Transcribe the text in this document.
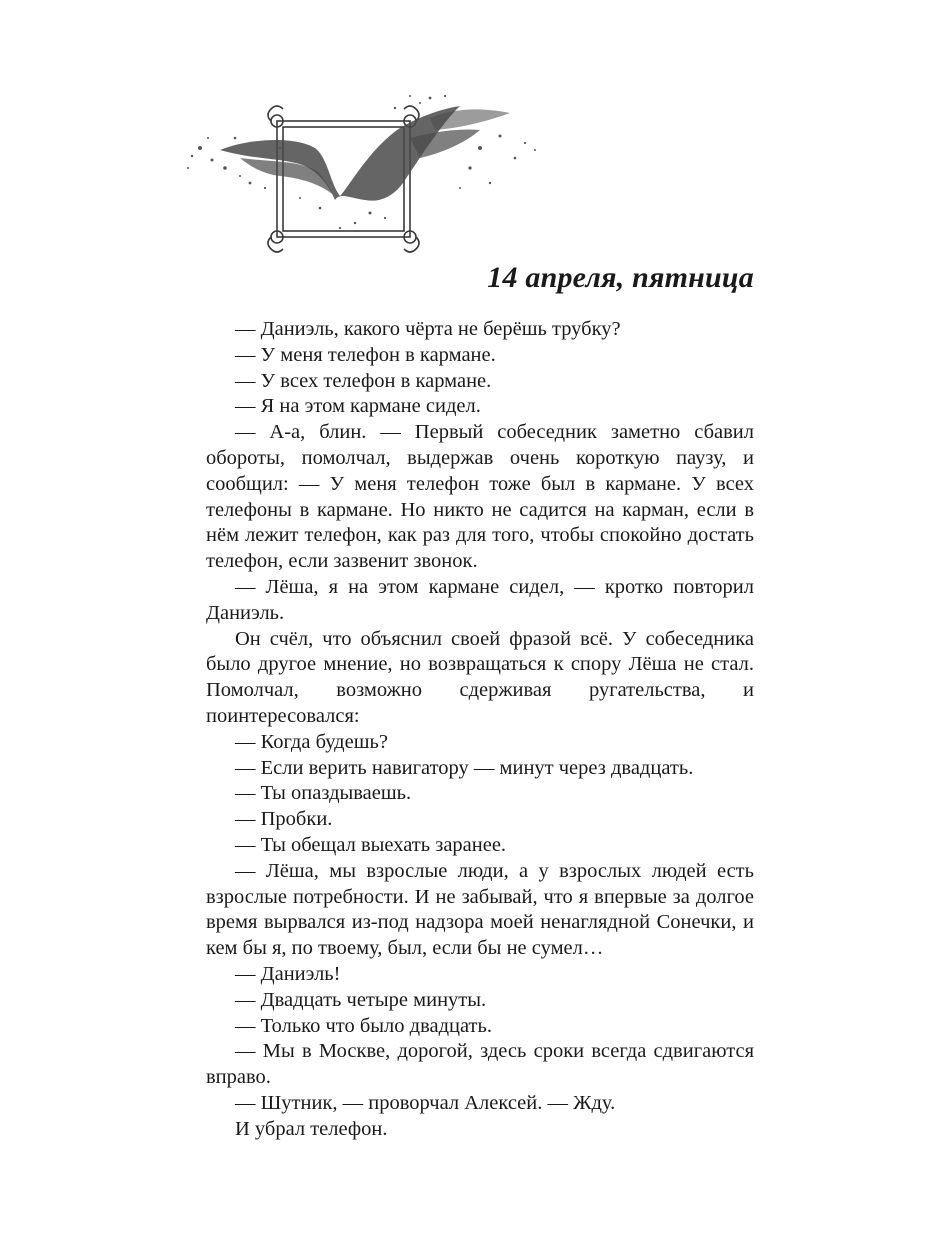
14 апреля, пятница

— Даниэль, какого чёрта не берёшь трубку?

— У меня телефон в кармане.

— У всех телефон в кармане.

— Я на этом кармане сидел.

— А-а, блин. — Первый собеседник заметно сбавил обороты, помолчал, выдержав очень короткую паузу, и сообщил: — У меня телефон тоже был в кармане. У всех телефоны в кармане. Но никто не садится на карман, если в нём лежит телефон, как раз для того, чтобы спокойно достать телефон, если зазвенит звонок.

— Лёша, я на этом кармане сидел, — кротко повторил Даниэль.

Он счёл, что объяснил своей фразой всё. У собеседника было другое мнение, но возвращаться к спору Лёша не стал. Помолчал, возможно сдерживая ругательства, и поинтересовался:

— Когда будешь?

— Если верить навигатору — минут через двадцать.

— Ты опаздываешь.

— Пробки.

— Ты обещал выехать заранее.

— Лёша, мы взрослые люди, а у взрослых людей есть взрослые потребности. И не забывай, что я впервые за долгое время вырвался из-под надзора моей ненаглядной Сонечки, и кем бы я, по твоему, был, если бы не сумел…

— Даниэль!

— Двадцать четыре минуты.

— Только что было двадцать.

— Мы в Москве, дорогой, здесь сроки всегда сдвигаются вправо.

— Шутник, — проворчал Алексей. — Жду.

И убрал телефон.
